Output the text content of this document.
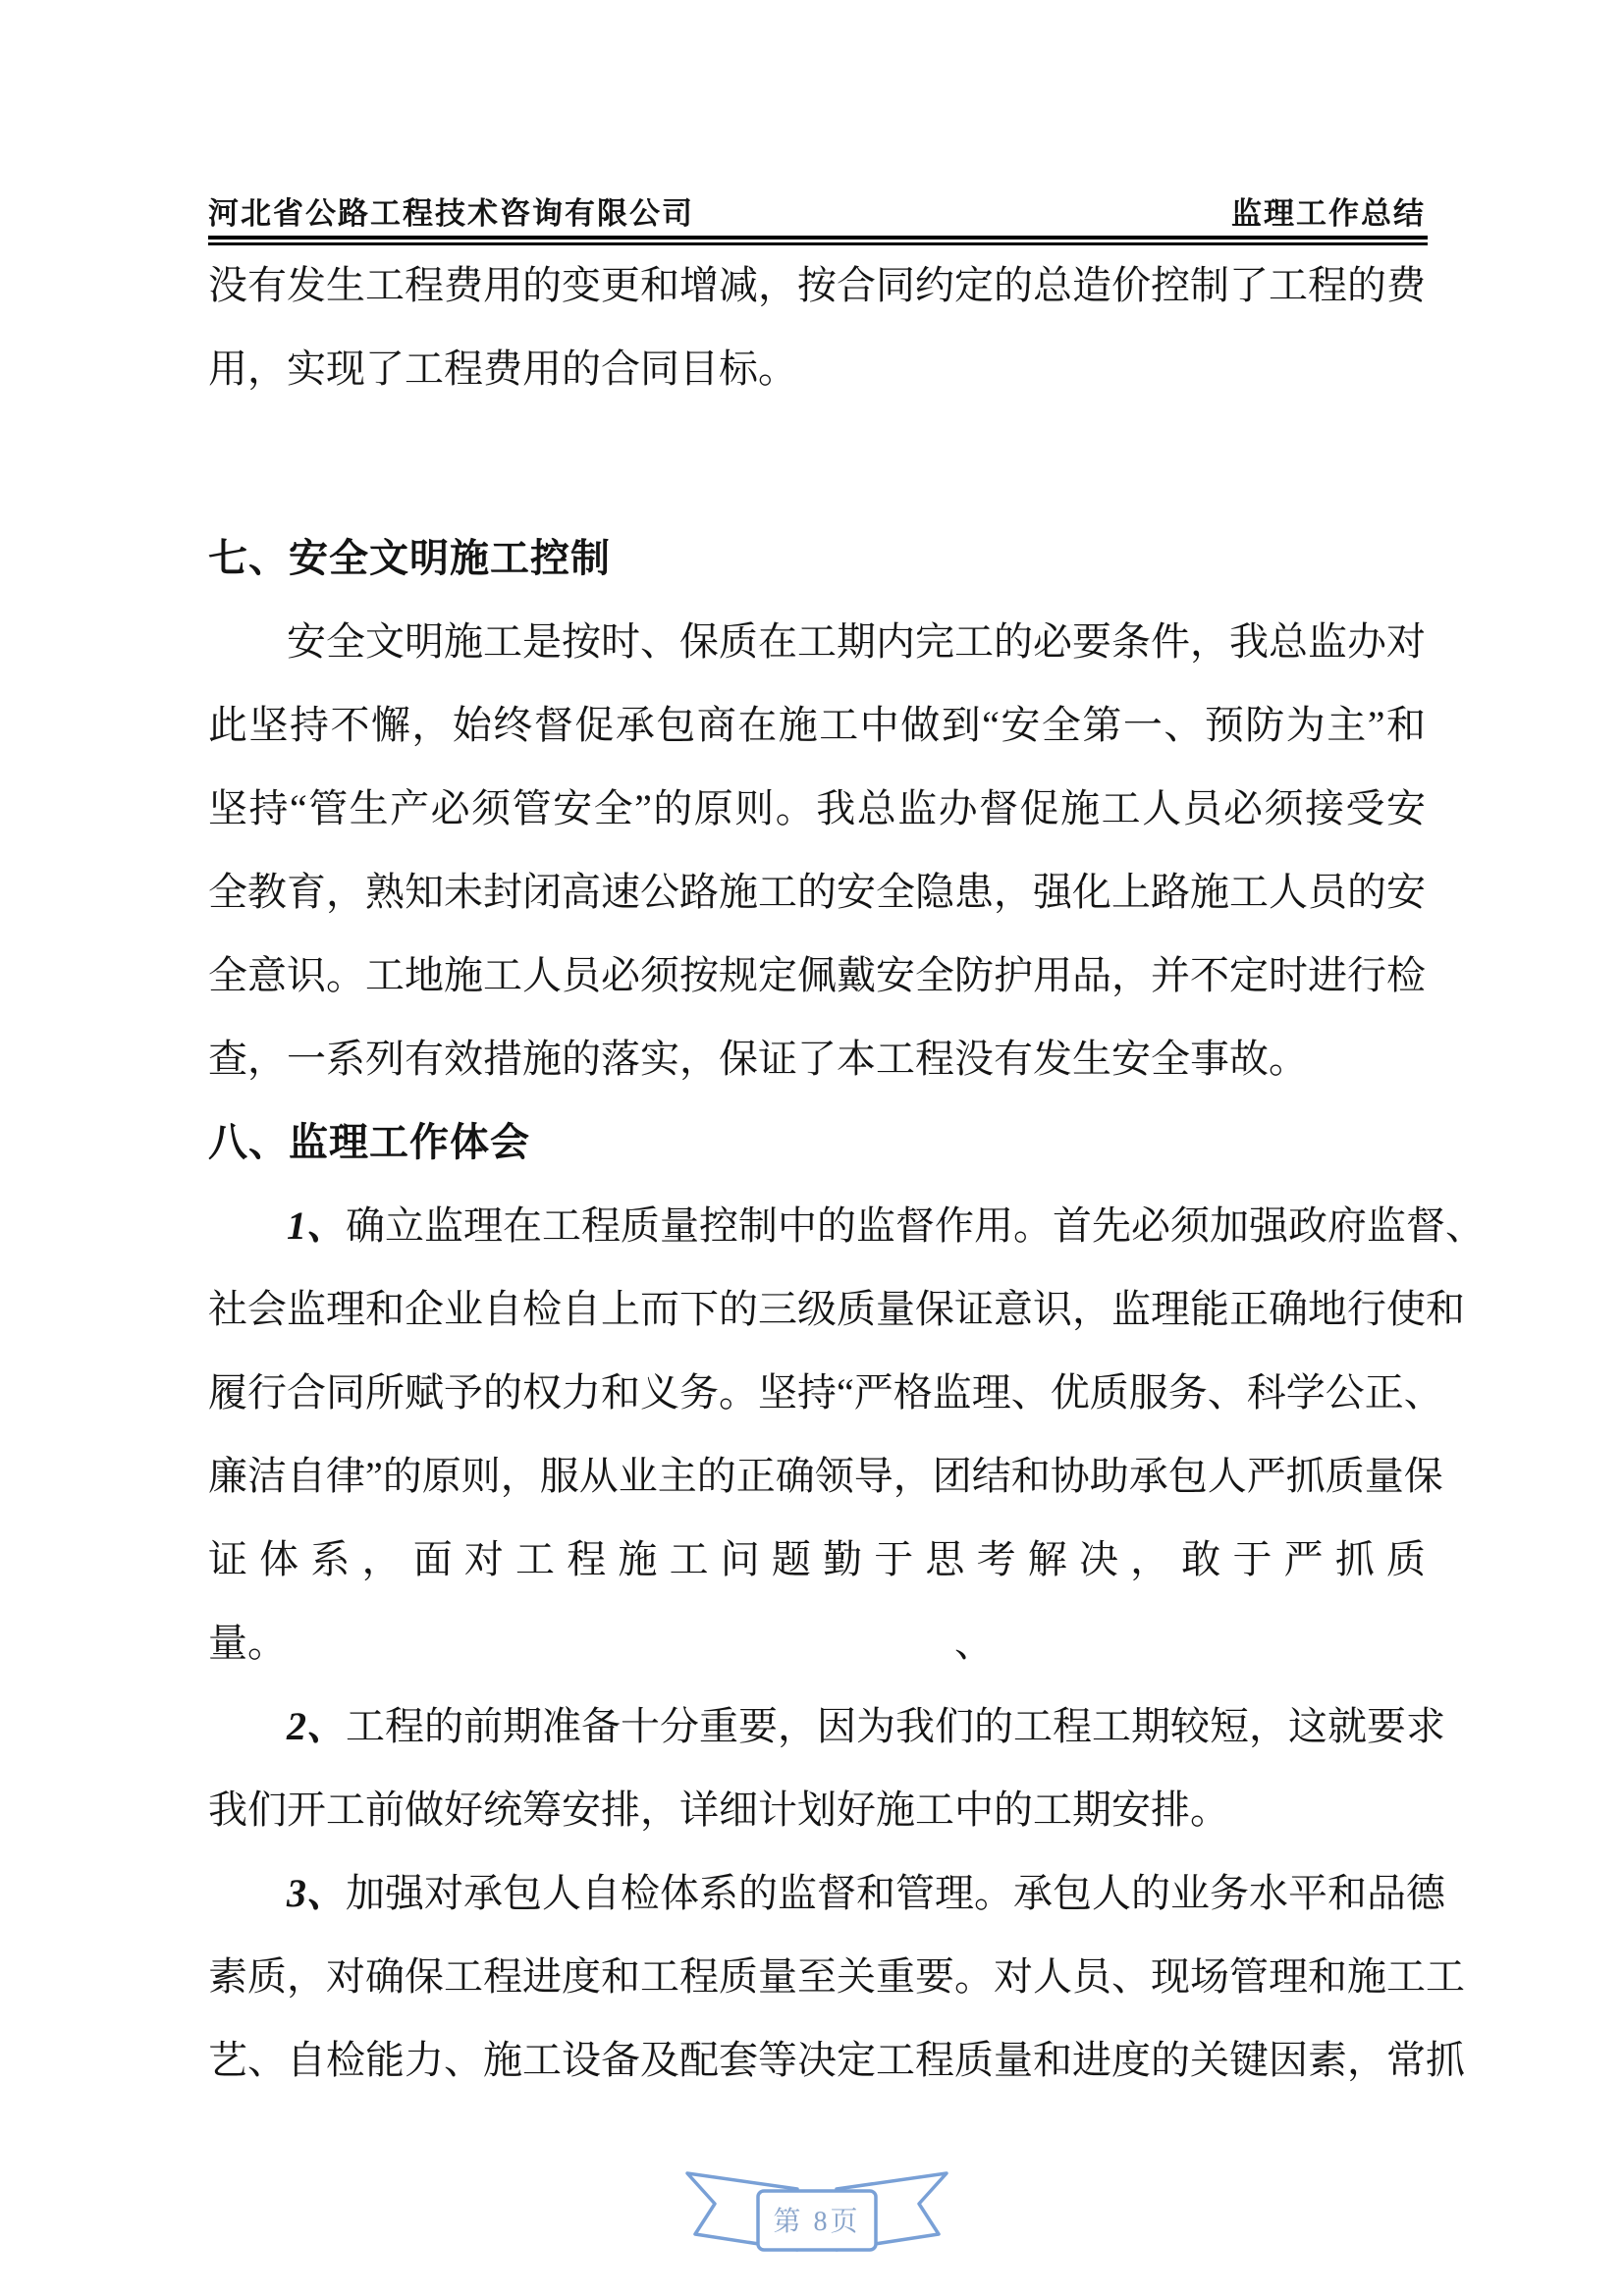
河北省公路工程技术咨询有限公司	监理工作总结
没有发生工程费用的变更和增减，按合同约定的总造价控制了工程的费
用，实现了工程费用的合同目标。
七、安全文明施工控制
安全文明施工是按时、保质在工期内完工的必要条件，我总监办对
此坚持不懈，始终督促承包商在施工中做到“安全第一、预防为主”和
坚持“管生产必须管安全”的原则。我总监办督促施工人员必须接受安
全教育，熟知未封闭高速公路施工的安全隐患，强化上路施工人员的安
全意识。工地施工人员必须按规定佩戴安全防护用品，并不定时进行检
查，一系列有效措施的落实，保证了本工程没有发生安全事故。
八、监理工作体会
1、确立监理在工程质量控制中的监督作用。首先必须加强政府监督、
社会监理和企业自检自上而下的三级质量保证意识，监理能正确地行使和
履行合同所赋予的权力和义务。坚持“严格监理、优质服务、科学公正、
廉洁自律”的原则，服从业主的正确领导，团结和协助承包人严抓质量保
证体系，面对工程施工问题勤于思考解决，敢于严抓质
量。	、
2、工程的前期准备十分重要，因为我们的工程工期较短，这就要求
我们开工前做好统筹安排，详细计划好施工中的工期安排。
3、加强对承包人自检体系的监督和管理。承包人的业务水平和品德
素质，对确保工程进度和工程质量至关重要。对人员、现场管理和施工工
艺、自检能力、施工设备及配套等决定工程质量和进度的关键因素，常抓
第 8页
